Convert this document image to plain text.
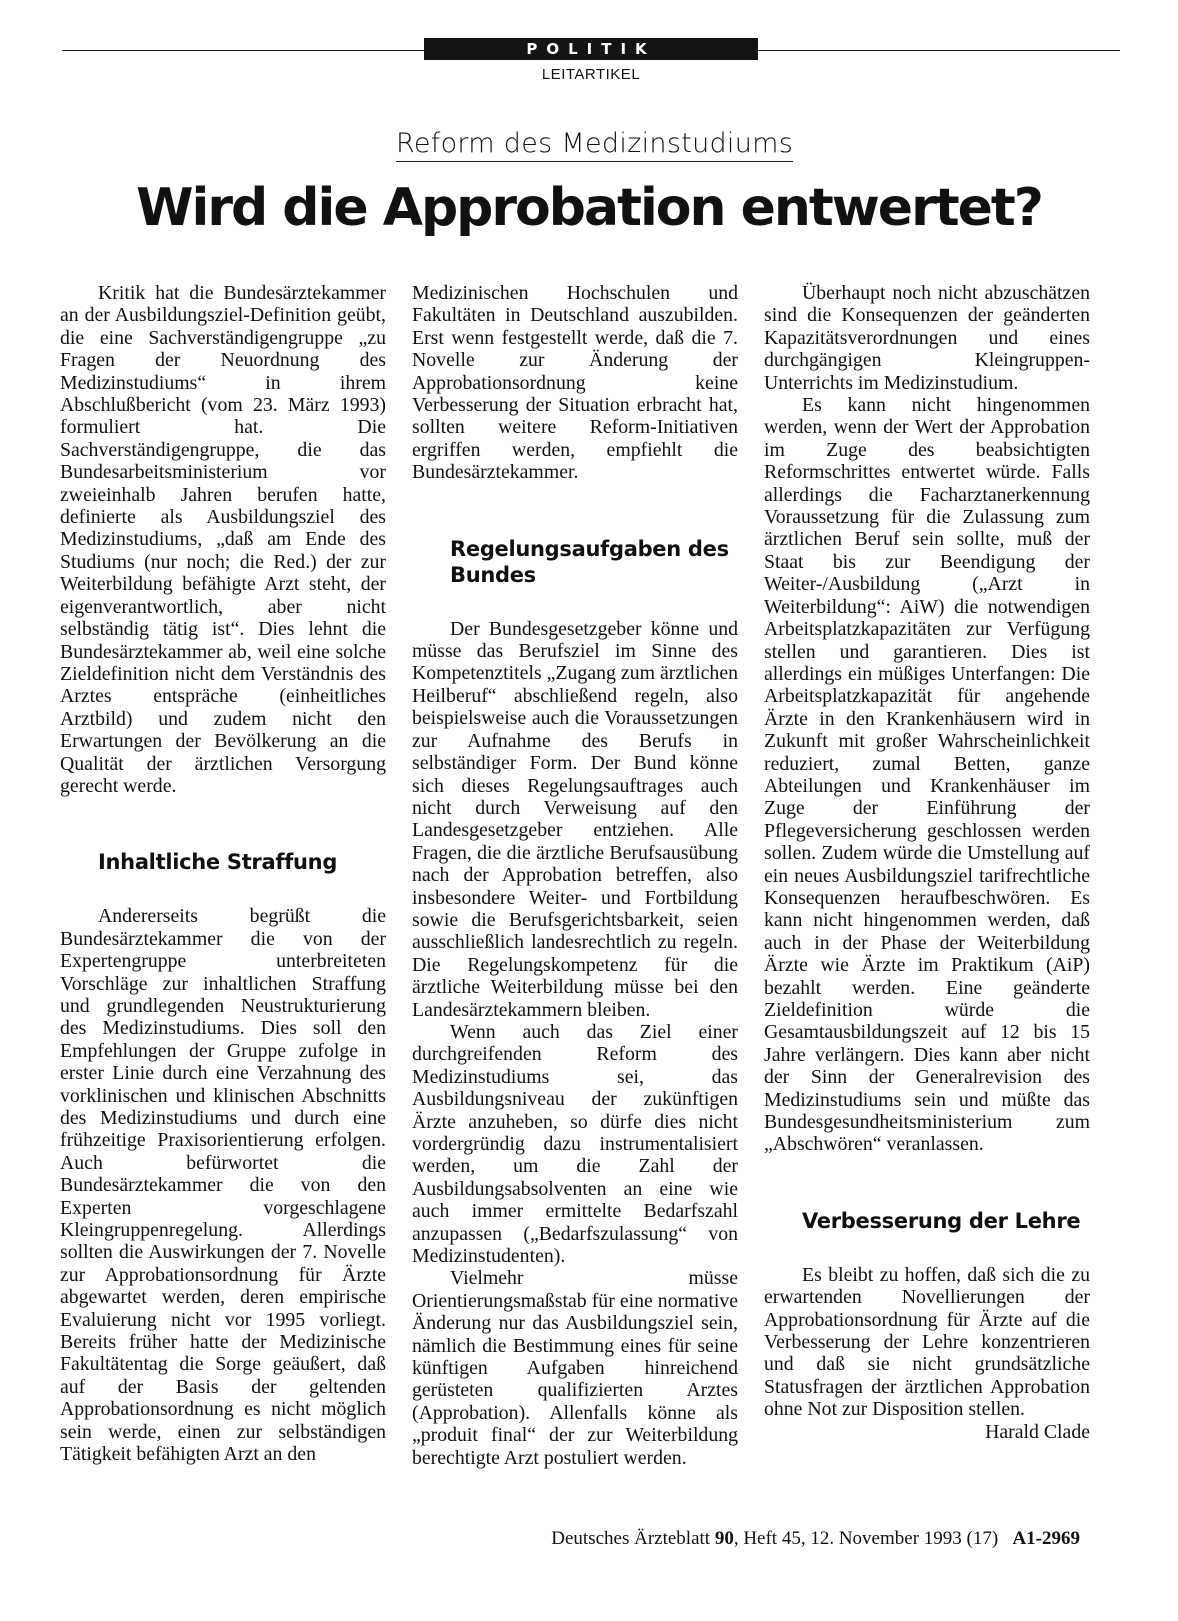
POLITIK
LEITARTIKEL
Reform des Medizinstudiums
Wird die Approbation entwertet?

Kritik hat die Bundesärztekammer an der Ausbildungsziel-Definition geübt, die eine Sachverständigengruppe „zu Fragen der Neuordnung des Medizinstudiums“ in ihrem Abschlußbericht (vom 23. März 1993) formuliert hat. Die Sachverständigengruppe, die das Bundesarbeitsministerium vor zweieinhalb Jahren berufen hatte, definierte als Ausbildungsziel des Medizinstudiums, „daß am Ende des Studiums (nur noch; die Red.) der zur Weiterbildung befähigte Arzt steht, der eigenverantwortlich, aber nicht selbständig tätig ist“. Dies lehnt die Bundesärztekammer ab, weil eine solche Zieldefinition nicht dem Verständnis des Arztes entspräche (einheitliches Arztbild) und zudem nicht den Erwartungen der Bevölkerung an die Qualität der ärztlichen Versorgung gerecht werde.

Inhaltliche Straffung

Andererseits begrüßt die Bundesärztekammer die von der Expertengruppe unterbreiteten Vorschläge zur inhaltlichen Straffung und grundlegenden Neustrukturierung des Medizinstudiums. Dies soll den Empfehlungen der Gruppe zufolge in erster Linie durch eine Verzahnung des vorklinischen und klinischen Abschnitts des Medizinstudiums und durch eine frühzeitige Praxisorientierung erfolgen. Auch befürwortet die Bundesärztekammer die von den Experten vorgeschlagene Kleingruppenregelung. Allerdings sollten die Auswirkungen der 7. Novelle zur Approbationsordnung für Ärzte abgewartet werden, deren empirische Evaluierung nicht vor 1995 vorliegt. Bereits früher hatte der Medizinische Fakultätentag die Sorge geäußert, daß auf der Basis der geltenden Approbationsordnung es nicht möglich sein werde, einen zur selbständigen Tätigkeit befähigten Arzt an den

Medizinischen Hochschulen und Fakultäten in Deutschland auszubilden. Erst wenn festgestellt werde, daß die 7. Novelle zur Änderung der Approbationsordnung keine Verbesserung der Situation erbracht hat, sollten weitere Reform-Initiativen ergriffen werden, empfiehlt die Bundesärztekammer.

Regelungsaufgaben des Bundes

Der Bundesgesetzgeber könne und müsse das Berufsziel im Sinne des Kompetenztitels „Zugang zum ärztlichen Heilberuf“ abschließend regeln, also beispielsweise auch die Voraussetzungen zur Aufnahme des Berufs in selbständiger Form. Der Bund könne sich dieses Regelungsauftrages auch nicht durch Verweisung auf den Landesgesetzgeber entziehen. Alle Fragen, die die ärztliche Berufsausübung nach der Approbation betreffen, also insbesondere Weiter- und Fortbildung sowie die Berufsgerichtsbarkeit, seien ausschließlich landesrechtlich zu regeln. Die Regelungskompetenz für die ärztliche Weiterbildung müsse bei den Landesärztekammern bleiben.

Wenn auch das Ziel einer durchgreifenden Reform des Medizinstudiums sei, das Ausbildungsniveau der zukünftigen Ärzte anzuheben, so dürfe dies nicht vordergründig dazu instrumentalisiert werden, um die Zahl der Ausbildungsabsolventen an eine wie auch immer ermittelte Bedarfszahl anzupassen („Bedarfszulassung“ von Medizinstudenten).

Vielmehr müsse Orientierungsmaßstab für eine normative Änderung nur das Ausbildungsziel sein, nämlich die Bestimmung eines für seine künftigen Aufgaben hinreichend gerüsteten qualifizierten Arztes (Approbation). Allenfalls könne als „produit final“ der zur Weiterbildung berechtigte Arzt postuliert werden.

Überhaupt noch nicht abzuschätzen sind die Konsequenzen der geänderten Kapazitätsverordnungen und eines durchgängigen Kleingruppen-Unterrichts im Medizinstudium.

Es kann nicht hingenommen werden, wenn der Wert der Approbation im Zuge des beabsichtigten Reformschrittes entwertet würde. Falls allerdings die Facharztanerkennung Voraussetzung für die Zulassung zum ärztlichen Beruf sein sollte, muß der Staat bis zur Beendigung der Weiter-/Ausbildung („Arzt in Weiterbildung“: AiW) die notwendigen Arbeitsplatzkapazitäten zur Verfügung stellen und garantieren. Dies ist allerdings ein müßiges Unterfangen: Die Arbeitsplatzkapazität für angehende Ärzte in den Krankenhäusern wird in Zukunft mit großer Wahrscheinlichkeit reduziert, zumal Betten, ganze Abteilungen und Krankenhäuser im Zuge der Einführung der Pflegeversicherung geschlossen werden sollen. Zudem würde die Umstellung auf ein neues Ausbildungsziel tarifrechtliche Konsequenzen heraufbeschwören. Es kann nicht hingenommen werden, daß auch in der Phase der Weiterbildung Ärzte wie Ärzte im Praktikum (AiP) bezahlt werden. Eine geänderte Zieldefinition würde die Gesamtausbildungszeit auf 12 bis 15 Jahre verlängern. Dies kann aber nicht der Sinn der Generalrevision des Medizinstudiums sein und müßte das Bundesgesundheitsministerium zum „Abschwören“ veranlassen.

Verbesserung der Lehre

Es bleibt zu hoffen, daß sich die zu erwartenden Novellierungen der Approbationsordnung für Ärzte auf die Verbesserung der Lehre konzentrieren und daß sie nicht grundsätzliche Statusfragen der ärztlichen Approbation ohne Not zur Disposition stellen.

Harald Clade
Deutsches Ärzteblatt 90, Heft 45, 12. November 1993 (17) A1-2969
